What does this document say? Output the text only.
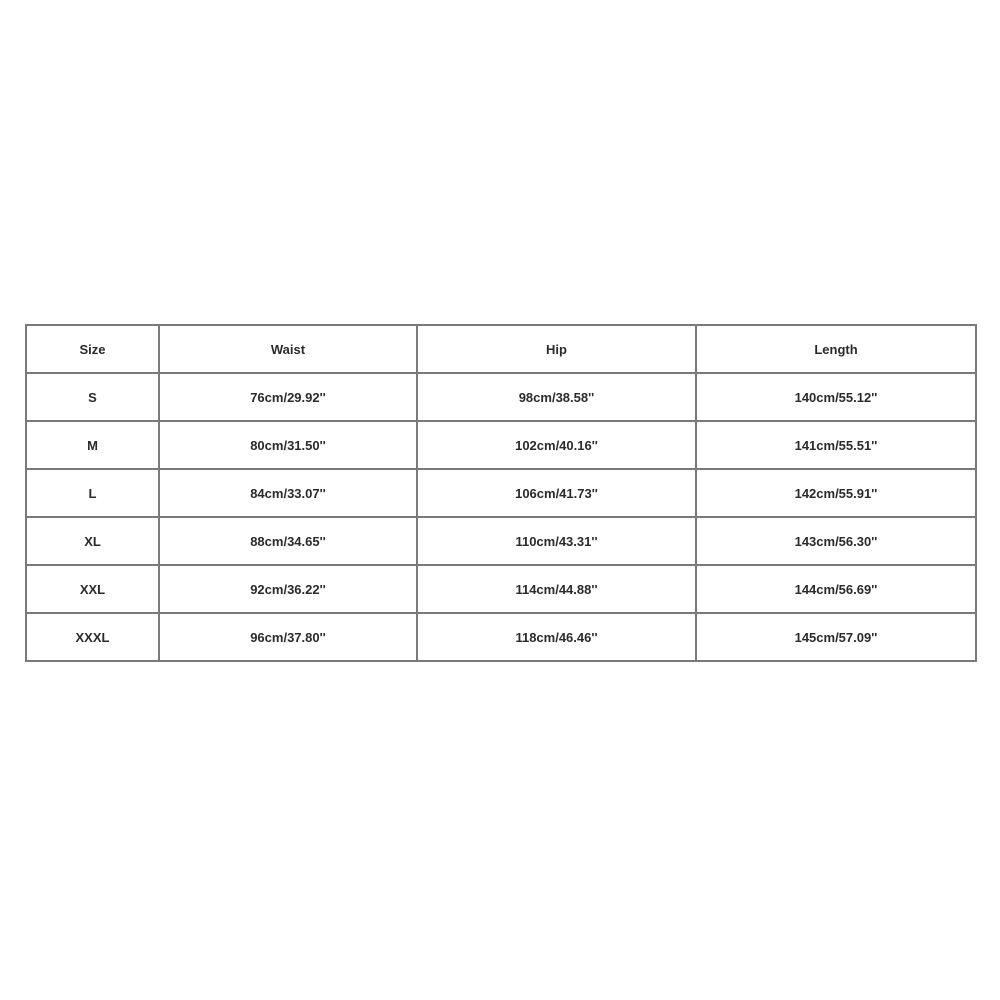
Size	Waist	Hip	Length
S	76cm/29.92''	98cm/38.58''	140cm/55.12''
M	80cm/31.50''	102cm/40.16''	141cm/55.51''
L	84cm/33.07''	106cm/41.73''	142cm/55.91''
XL	88cm/34.65''	110cm/43.31''	143cm/56.30''
XXL	92cm/36.22''	114cm/44.88''	144cm/56.69''
XXXL	96cm/37.80''	118cm/46.46''	145cm/57.09''
